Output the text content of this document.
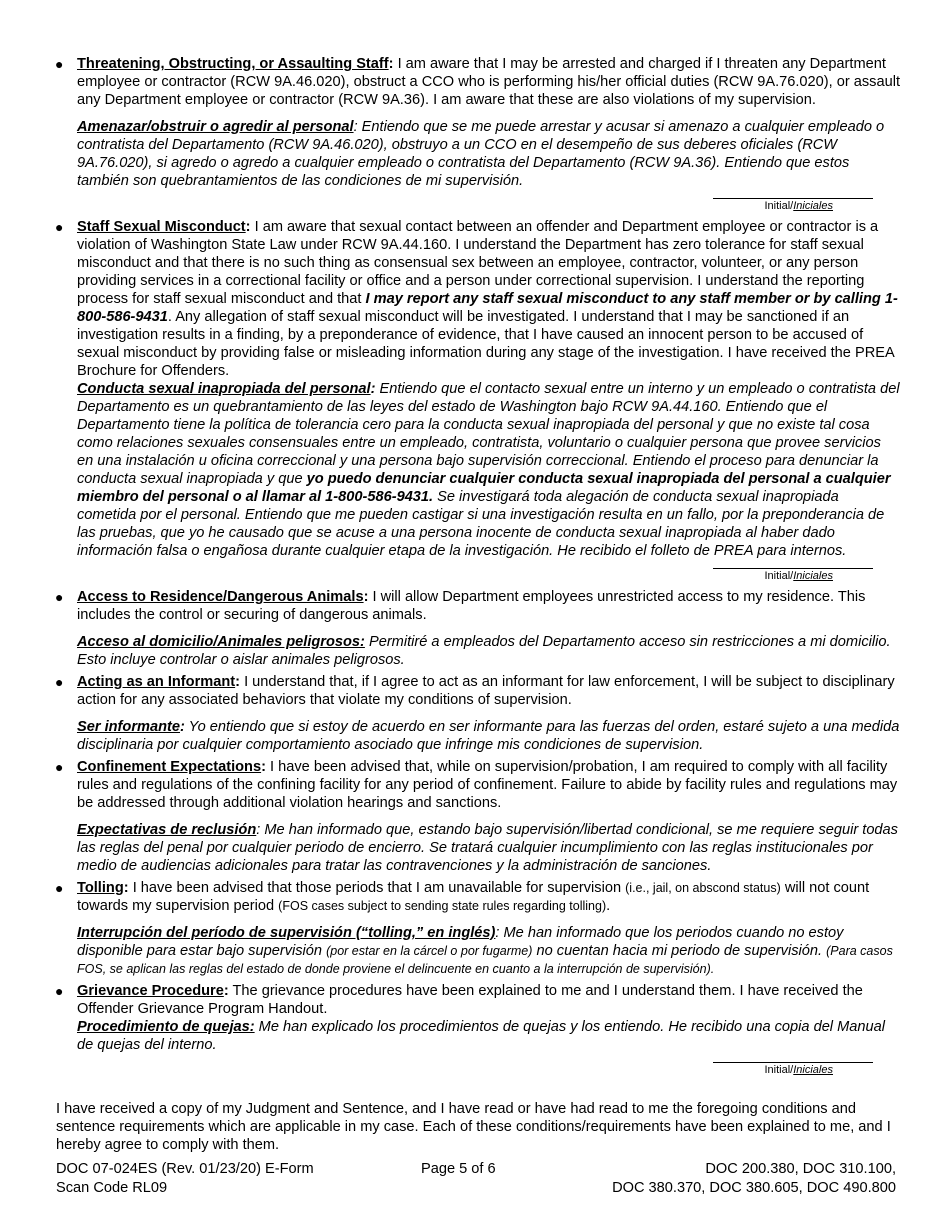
● Threatening, Obstructing, or Assaulting Staff: I am aware that I may be arrested and charged if I threaten any Department employee or contractor (RCW 9A.46.020), obstruct a CCO who is performing his/her official duties (RCW 9A.76.020), or assault any Department employee or contractor (RCW 9A.36). I am aware that these are also violations of my supervision.
Amenazar/obstruir o agredir al personal: Entiendo que se me puede arrestar y acusar si amenazo a cualquier empleado o contratista del Departamento (RCW 9A.46.020), obstruyo a un CCO en el desempeño de sus deberes oficiales (RCW 9A.76.020), si agredo o agredo a cualquier empleado o contratista del Departamento (RCW 9A.36). Entiendo que estos también son quebrantamientos de las condiciones de mi supervisión.
Initial/Iniciales
● Staff Sexual Misconduct: I am aware that sexual contact between an offender and Department employee or contractor is a violation of Washington State Law under RCW 9A.44.160. I understand the Department has zero tolerance for staff sexual misconduct and that there is no such thing as consensual sex between an employee, contractor, volunteer, or any person providing services in a correctional facility or office and a person under correctional supervision. I understand the reporting process for staff sexual misconduct and that I may report any staff sexual misconduct to any staff member or by calling 1-800-586-9431. Any allegation of staff sexual misconduct will be investigated. I understand that I may be sanctioned if an investigation results in a finding, by a preponderance of evidence, that I have caused an innocent person to be accused of sexual misconduct by providing false or misleading information during any stage of the investigation. I have received the PREA Brochure for Offenders.
Conducta sexual inapropiada del personal: Entiendo que el contacto sexual entre un interno y un empleado o contratista del Departamento es un quebrantamiento de las leyes del estado de Washington bajo RCW 9A.44.160. Entiendo que el Departamento tiene la política de tolerancia cero para la conducta sexual inapropiada del personal y que no existe tal cosa como relaciones sexuales consensuales entre un empleado, contratista, voluntario o cualquier persona que provee servicios en una instalación u oficina correccional y una persona bajo supervisión correccional. Entiendo el proceso para denunciar la conducta sexual inapropiada y que yo puedo denunciar cualquier conducta sexual inapropiada del personal a cualquier miembro del personal o al llamar al 1-800-586-9431. Se investigará toda alegación de conducta sexual inapropiada cometida por el personal. Entiendo que me pueden castigar si una investigación resulta en un fallo, por la preponderancia de las pruebas, que yo he causado que se acuse a una persona inocente de conducta sexual inapropiada al haber dado información falsa o engañosa durante cualquier etapa de la investigación. He recibido el folleto de PREA para internos.
Initial/Iniciales
● Access to Residence/Dangerous Animals: I will allow Department employees unrestricted access to my residence. This includes the control or securing of dangerous animals.
Acceso al domicilio/Animales peligrosos: Permitiré a empleados del Departamento acceso sin restricciones a mi domicilio. Esto incluye controlar o aislar animales peligrosos.
● Acting as an Informant: I understand that, if I agree to act as an informant for law enforcement, I will be subject to disciplinary action for any associated behaviors that violate my conditions of supervision.
Ser informante: Yo entiendo que si estoy de acuerdo en ser informante para las fuerzas del orden, estaré sujeto a una medida disciplinaria por cualquier comportamiento asociado que infringe mis condiciones de supervision.
● Confinement Expectations: I have been advised that, while on supervision/probation, I am required to comply with all facility rules and regulations of the confining facility for any period of confinement. Failure to abide by facility rules and regulations may be addressed through additional violation hearings and sanctions.
Expectativas de reclusión: Me han informado que, estando bajo supervisión/libertad condicional, se me requiere seguir todas las reglas del penal por cualquier periodo de encierro. Se tratará cualquier incumplimiento con las reglas institucionales por medio de audiencias adicionales para tratar las contravenciones y la administración de sanciones.
● Tolling: I have been advised that those periods that I am unavailable for supervision (i.e., jail, on abscond status) will not count towards my supervision period (FOS cases subject to sending state rules regarding tolling).
Interrupción del período de supervisión (“tolling,” en inglés): Me han informado que los periodos cuando no estoy disponible para estar bajo supervisión (por estar en la cárcel o por fugarme) no cuentan hacia mi periodo de supervisión. (Para casos FOS, se aplican las reglas del estado de donde proviene el delincuente en cuanto a la interrupción de supervisión).
● Grievance Procedure: The grievance procedures have been explained to me and I understand them. I have received the Offender Grievance Program Handout.
Procedimiento de quejas: Me han explicado los procedimientos de quejas y los entiendo. He recibido una copia del Manual de quejas del interno.
Initial/Iniciales
I have received a copy of my Judgment and Sentence, and I have read or have had read to me the foregoing conditions and sentence requirements which are applicable in my case. Each of these conditions/requirements have been explained to me, and I hereby agree to comply with them.
DOC 07-024ES (Rev. 01/23/20) E-Form
Scan Code RL09
Page 5 of 6	DOC 200.380, DOC 310.100,
DOC 380.370, DOC 380.605, DOC 490.800
